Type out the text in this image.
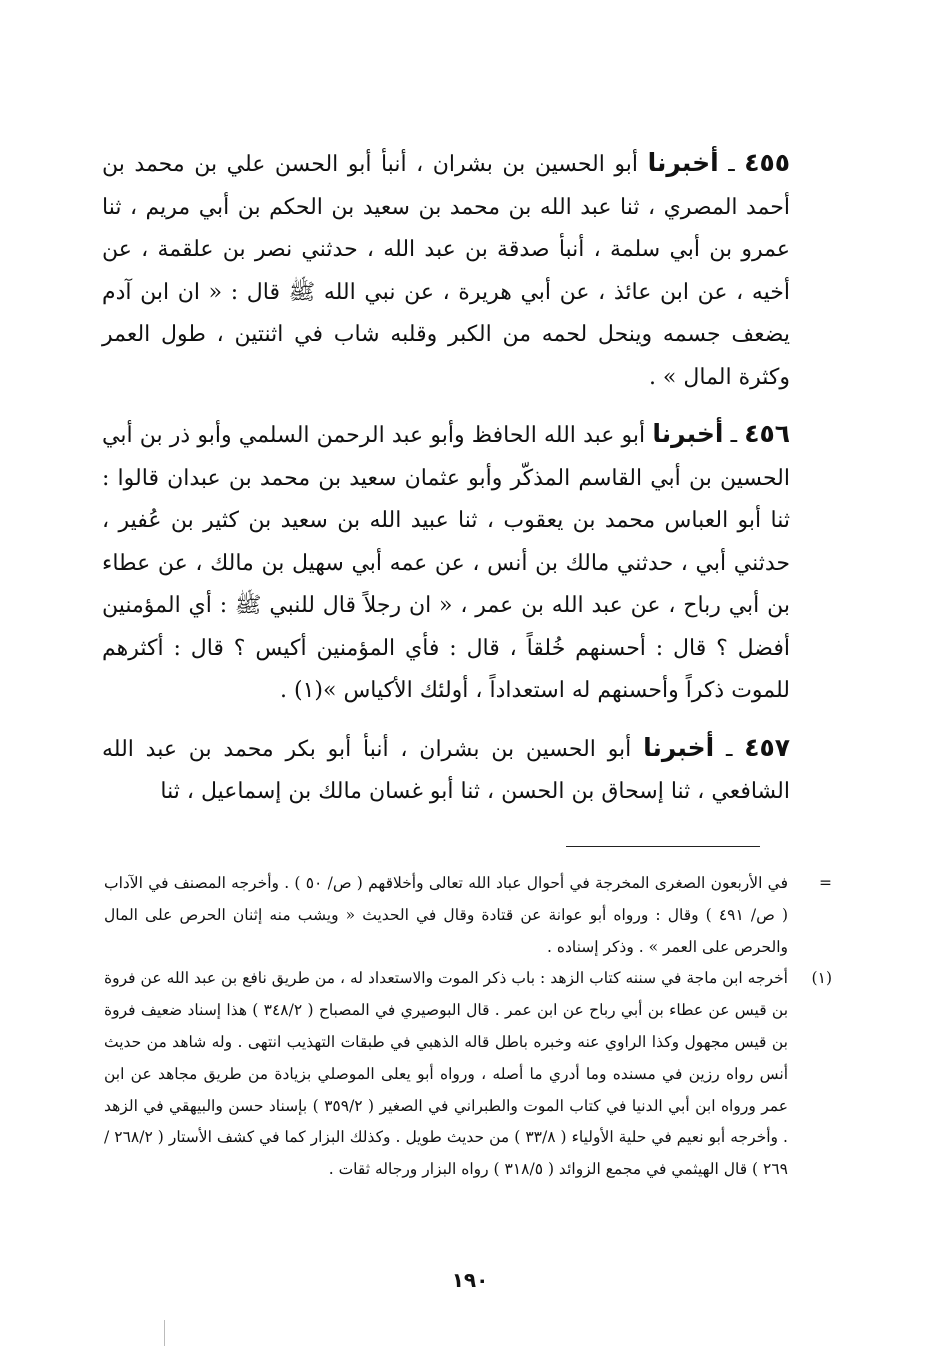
٤٥٥ ـ أخبرنا أبو الحسين بن بشران ، أنبأ أبو الحسن علي بن محمد بن أحمد المصري ، ثنا عبد الله بن محمد بن سعيد بن الحكم بن أبي مريم ، ثنا عمرو بن أبي سلمة ، أنبأ صدقة بن عبد الله ، حدثني نصر بن علقمة ، عن أخيه ، عن ابن عائذ ، عن أبي هريرة ، عن نبي الله ﷺ قال : « ان ابن آدم يضعف جسمه وينحل لحمه من الكبر وقلبه شاب في اثنتين ، طول العمر وكثرة المال » .

٤٥٦ ـ أخبرنا أبو عبد الله الحافظ وأبو عبد الرحمن السلمي وأبو ذر بن أبي الحسين بن أبي القاسم المذكّر وأبو عثمان سعيد بن محمد بن عبدان قالوا : ثنا أبو العباس محمد بن يعقوب ، ثنا عبيد الله بن سعيد بن كثير بن عُفير ، حدثني أبي ، حدثني مالك بن أنس ، عن عمه أبي سهيل بن مالك ، عن عطاء بن أبي رباح ، عن عبد الله بن عمر ، « ان رجلاً قال للنبي ﷺ : أي المؤمنين أفضل ؟ قال : أحسنهم خُلقاً ، قال : فأي المؤمنين أكيس ؟ قال : أكثرهم للموت ذكراً وأحسنهم له استعداداً ، أولئك الأكياس »(١) .

٤٥٧ ـ أخبرنا أبو الحسين بن بشران ، أنبأ أبو بكر محمد بن عبد الله الشافعي ، ثنا إسحاق بن الحسن ، ثنا أبو غسان مالك بن إسماعيل ، ثنا

=
في الأربعون الصغرى المخرجة في أحوال عباد الله تعالى وأخلاقهم ( ص/ ٥٠ ) . وأخرجه المصنف في الآداب ( ص/ ٤٩١ ) وقال : ورواه أبو عوانة عن قتادة وقال في الحديث « ويشب منه إثنان الحرص على المال والحرص على العمر » . وذكر إسناده .

(١)
أخرجه ابن ماجة في سننه كتاب الزهد : باب ذكر الموت والاستعداد له ، من طريق نافع بن عبد الله عن فروة بن قيس عن عطاء بن أبي رباح عن ابن عمر . قال البوصيري في المصباح ( ٣٤٨/٢ ) هذا إسناد ضعيف فروة بن قيس مجهول وكذا الراوي عنه وخبره باطل قاله الذهبي في طبقات التهذيب انتهى . وله شاهد من حديث أنس رواه رزين في مسنده وما أدري ما أصله ، ورواه أبو يعلى الموصلي بزيادة من طريق مجاهد عن ابن عمر ورواه ابن أبي الدنيا في كتاب الموت والطبراني في الصغير ( ٣٥٩/٢ ) بإسناد حسن والبيهقي في الزهد . وأخرجه أبو نعيم في حلية الأولياء ( ٣٣/٨ ) من حديث طويل . وكذلك البزار كما في كشف الأستار ( ٢٦٨/٢ /٢٦٩ ) قال الهيثمي في مجمع الزوائد ( ٣١٨/٥ ) رواه البزار ورجاله ثقات .

١٩٠
